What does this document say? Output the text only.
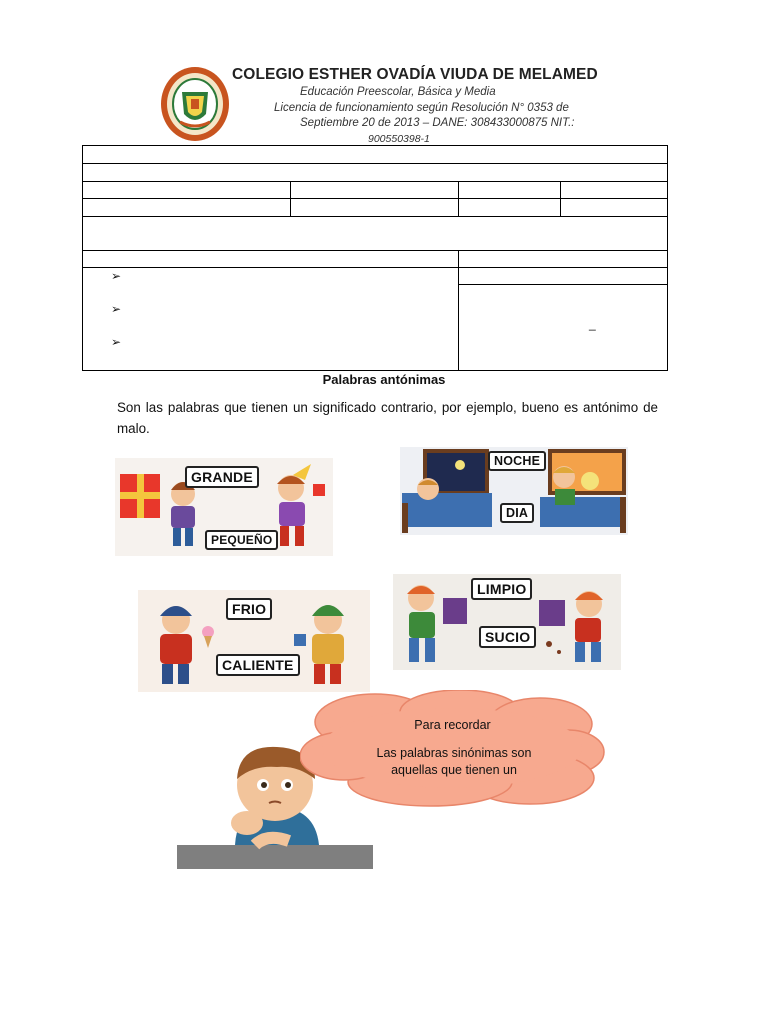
COLEGIO ESTHER OVADÍA VIUDA DE MELAMED
Educación Preescolar, Básica y Media
Licencia de funcionamiento según Resolución N° 0353 de
Septiembre 20 de 2013 – DANE: 308433000875 NIT.:
900550398-1
➢
➢
➢
_
Palabras antónimas
Son las palabras que tienen un significado contrario, por ejemplo, bueno es antónimo de malo.
GRANDE
PEQUEÑO
NOCHE
DIA
FRIO
CALIENTE
LIMPIO
SUCIO
Para recordar
Las palabras sinónimas son aquellas que tienen un
